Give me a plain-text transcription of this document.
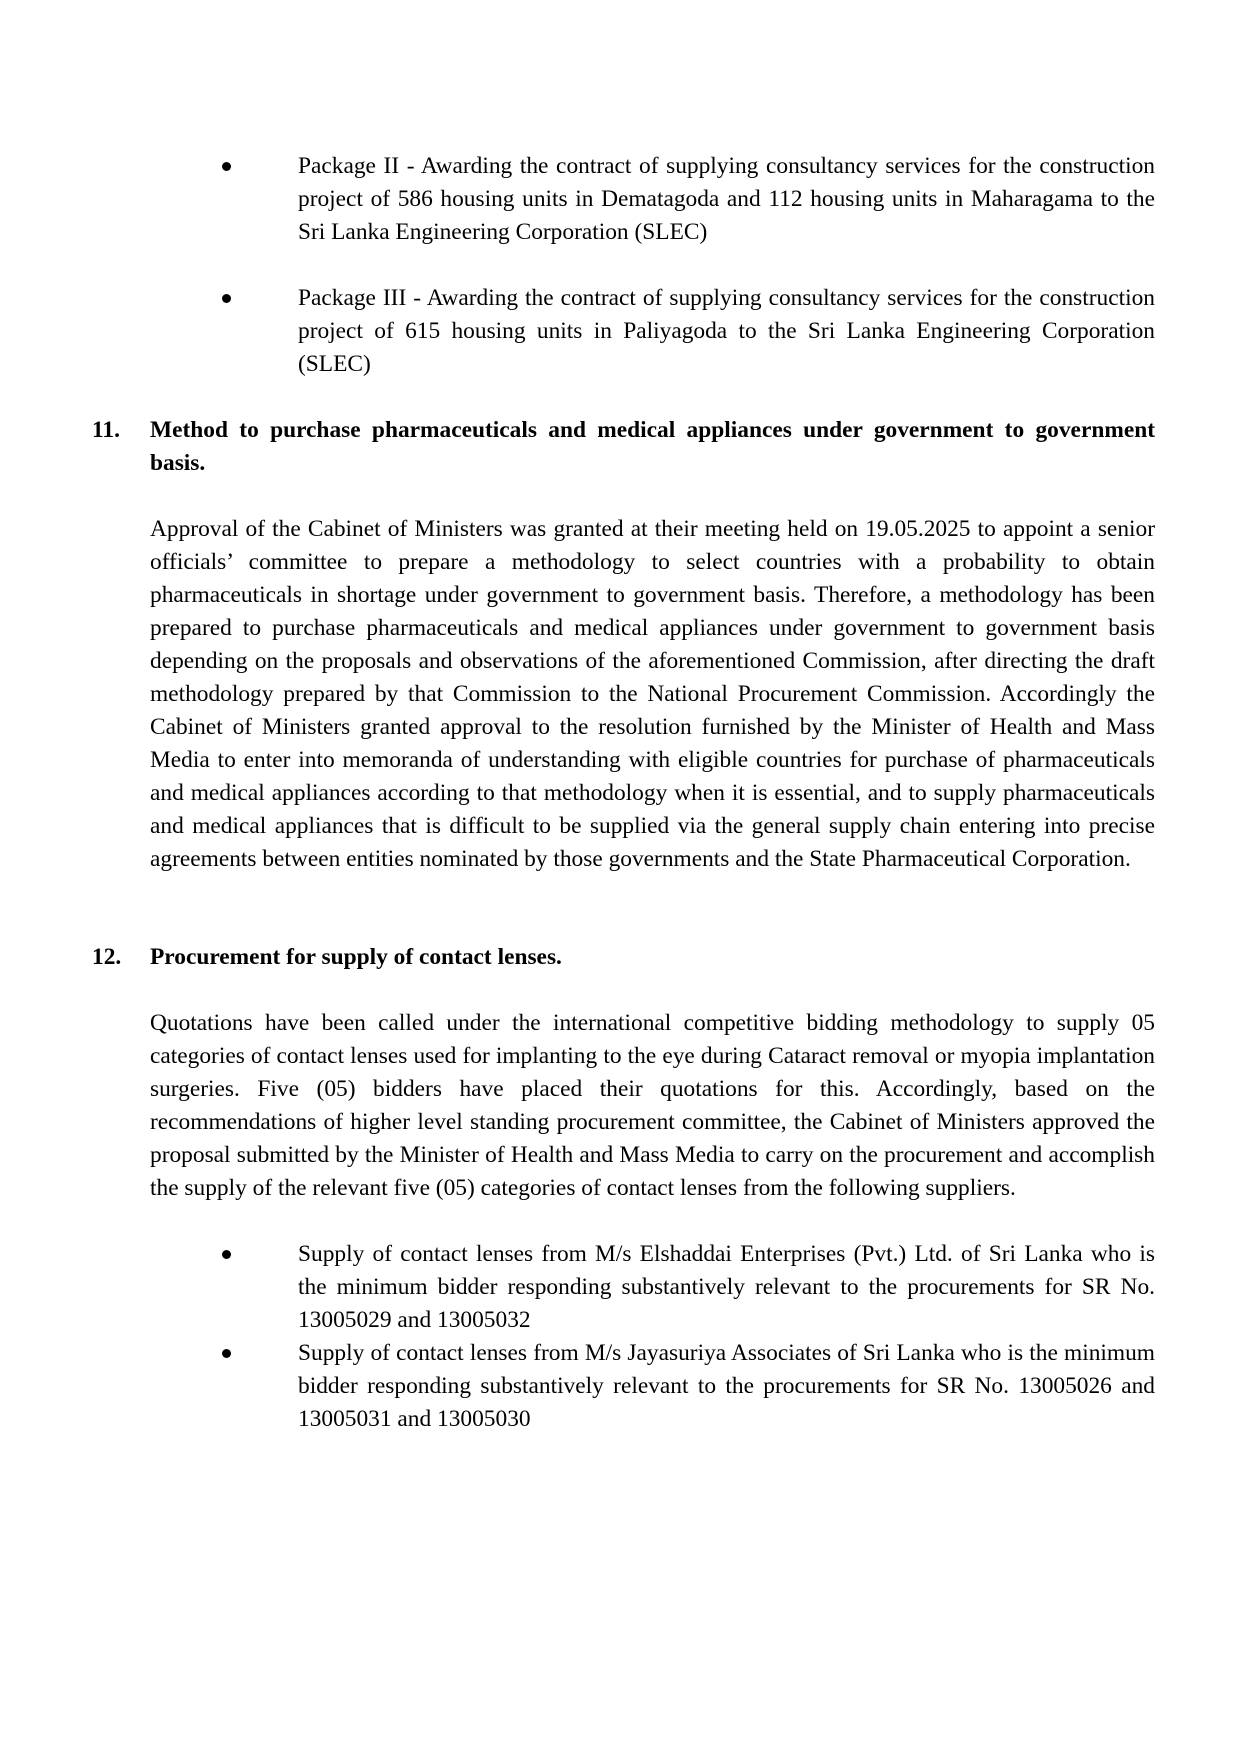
Package II - Awarding the contract of supplying consultancy services for the construction project of 586 housing units in Dematagoda and 112 housing units in Maharagama to the Sri Lanka Engineering Corporation (SLEC)

Package III - Awarding the contract of supplying consultancy services for the construction project of 615 housing units in Paliyagoda to the Sri Lanka Engineering Corporation (SLEC)

11. Method to purchase pharmaceuticals and medical appliances under government to government basis.

Approval of the Cabinet of Ministers was granted at their meeting held on 19.05.2025 to appoint a senior officials’ committee to prepare a methodology to select countries with a probability to obtain pharmaceuticals in shortage under government to government basis. Therefore, a methodology has been prepared to purchase pharmaceuticals and medical appliances under government to government basis depending on the proposals and observations of the aforementioned Commission, after directing the draft methodology prepared by that Commission to the National Procurement Commission. Accordingly the Cabinet of Ministers granted approval to the resolution furnished by the Minister of Health and Mass Media to enter into memoranda of understanding with eligible countries for purchase of pharmaceuticals and medical appliances according to that methodology when it is essential, and to supply pharmaceuticals and medical appliances that is difficult to be supplied via the general supply chain entering into precise agreements between entities nominated by those governments and the State Pharmaceutical Corporation.

12. Procurement for supply of contact lenses.

Quotations have been called under the international competitive bidding methodology to supply 05 categories of contact lenses used for implanting to the eye during Cataract removal or myopia implantation surgeries. Five (05) bidders have placed their quotations for this. Accordingly, based on the recommendations of higher level standing procurement committee, the Cabinet of Ministers approved the proposal submitted by the Minister of Health and Mass Media to carry on the procurement and accomplish the supply of the relevant five (05) categories of contact lenses from the following suppliers.

Supply of contact lenses from M/s Elshaddai Enterprises (Pvt.) Ltd. of Sri Lanka who is the minimum bidder responding substantively relevant to the procurements for SR No. 13005029 and 13005032

Supply of contact lenses from M/s Jayasuriya Associates of Sri Lanka who is the minimum bidder responding substantively relevant to the procurements for SR No. 13005026 and 13005031 and 13005030
